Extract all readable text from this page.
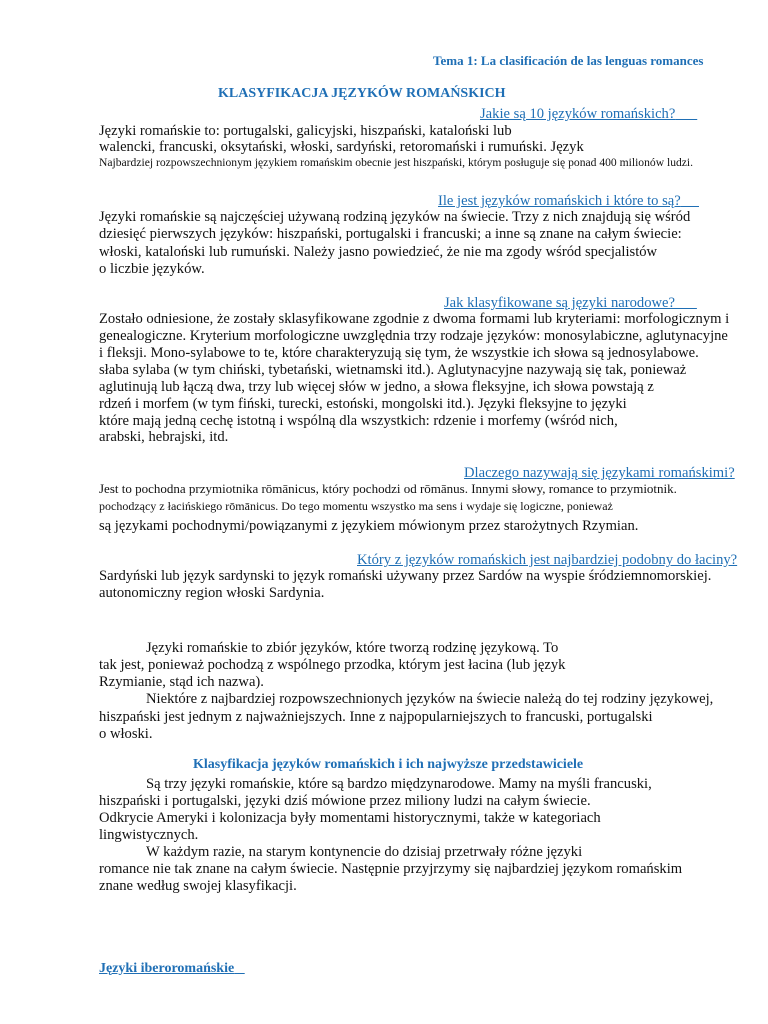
Tema 1: La clasificación de las lenguas romances
KLASYFIKACJA JĘZYKÓW ROMAŃSKICH
Jakie są 10 języków romańskich?
Języki romańskie to: portugalski, galicyjski, hiszpański, kataloński lub
walencki, francuski, oksytański, włoski, sardyński, retoromański i rumuński. Język
Najbardziej rozpowszechnionym językiem romańskim obecnie jest hiszpański, którym posługuje się ponad 400 milionów ludzi.
Ile jest języków romańskich i które to są?
Języki romańskie są najczęściej używaną rodziną języków na świecie. Trzy z nich znajdują się wśród
dziesięć pierwszych języków: hiszpański, portugalski i francuski; a inne są znane na całym świecie:
włoski, kataloński lub rumuński. Należy jasno powiedzieć, że nie ma zgody wśród specjalistów
o liczbie języków.
Jak klasyfikowane są języki narodowe?
Zostało odniesione, że zostały sklasyfikowane zgodnie z dwoma formami lub kryteriami: morfologicznym i
genealogiczne. Kryterium morfologiczne uwzględnia trzy rodzaje języków: monosylabiczne, aglutynacyjne
i fleksji. Mono-sylabowe to te, które charakteryzują się tym, że wszystkie ich słowa są jednosylabowe.
słaba sylaba (w tym chiński, tybetański, wietnamski itd.). Aglutynacyjne nazywają się tak, ponieważ
aglutinują lub łączą dwa, trzy lub więcej słów w jedno, a słowa fleksyjne, ich słowa powstają z
rdzeń i morfem (w tym fiński, turecki, estoński, mongolski itd.). Języki fleksyjne to języki
które mają jedną cechę istotną i wspólną dla wszystkich: rdzenie i morfemy (wśród nich,
arabski, hebrajski, itd.
Dlaczego nazywają się językami romańskimi?
Jest to pochodna przymiotnika rōmānicus, który pochodzi od rōmānus. Innymi słowy, romance to przymiotnik.
pochodzący z łacińskiego rōmānicus. Do tego momentu wszystko ma sens i wydaje się logiczne, ponieważ
są językami pochodnymi/powiązanymi z językiem mówionym przez starożytnych Rzymian.
Który z języków romańskich jest najbardziej podobny do łaciny?
Sardyński lub język sardynski to język romański używany przez Sardów na wyspie śródziemnomorskiej.
autonomiczny region włoski Sardynia.
Języki romańskie to zbiór języków, które tworzą rodzinę językową. To
tak jest, ponieważ pochodzą z wspólnego przodka, którym jest łacina (lub język
Rzymianie, stąd ich nazwa).
Niektóre z najbardziej rozpowszechnionych języków na świecie należą do tej rodziny językowej,
hiszpański jest jednym z najważniejszych. Inne z najpopularniejszych to francuski, portugalski
o włoski.
Klasyfikacja języków romańskich i ich najwyższe przedstawiciele
Są trzy języki romańskie, które są bardzo międzynarodowe. Mamy na myśli francuski,
hiszpański i portugalski, języki dziś mówione przez miliony ludzi na całym świecie.
Odkrycie Ameryki i kolonizacja były momentami historycznymi, także w kategoriach
lingwistycznych.
W każdym razie, na starym kontynencie do dzisiaj przetrwały różne języki
romance nie tak znane na całym świecie. Następnie przyjrzymy się najbardziej językom romańskim
znane według swojej klasyfikacji.
Języki iberoromańskie
